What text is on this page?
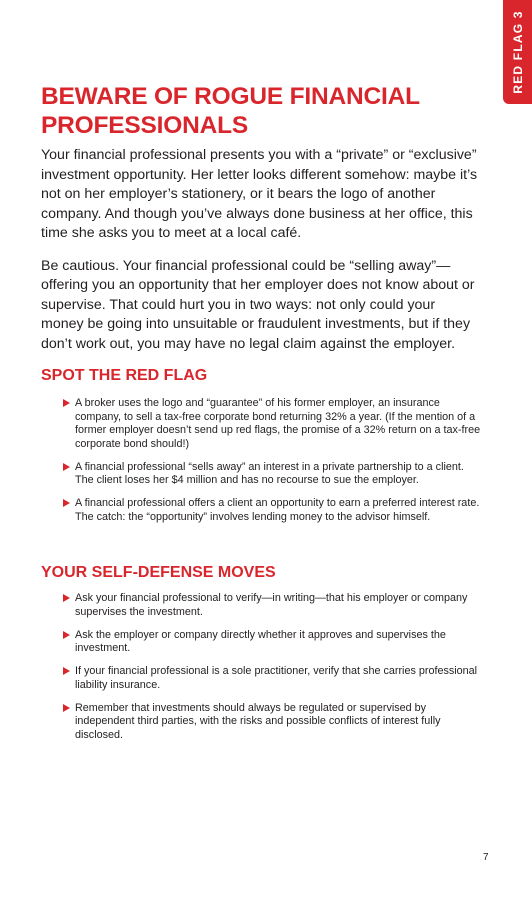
RED FLAG 3
BEWARE OF ROGUE FINANCIAL PROFESSIONALS

Your financial professional presents you with a “private” or “exclusive” investment opportunity. Her letter looks different somehow: maybe it’s not on her employer’s stationery, or it bears the logo of another company. And though you’ve always done business at her office, this time she asks you to meet at a local café.

Be cautious. Your financial professional could be “selling away”—offering you an opportunity that her employer does not know about or supervise. That could hurt you in two ways: not only could your money be going into unsuitable or fraudulent investments, but if they don’t work out, you may have no legal claim against the employer.

SPOT THE RED FLAG
A broker uses the logo and “guarantee” of his former employer, an insurance company, to sell a tax-free corporate bond returning 32% a year. (If the mention of a former employer doesn’t send up red flags, the promise of a 32% return on a tax-free corporate bond should!)
A financial professional “sells away” an interest in a private partnership to a client. The client loses her $4 million and has no recourse to sue the employer.
A financial professional offers a client an opportunity to earn a preferred interest rate. The catch: the “opportunity” involves lending money to the advisor himself.
YOUR SELF-DEFENSE MOVES
Ask your financial professional to verify—in writing—that his employer or company supervises the investment.
Ask the employer or company directly whether it approves and supervises the investment.
If your financial professional is a sole practitioner, verify that she carries professional liability insurance.
Remember that investments should always be regulated or supervised by independent third parties, with the risks and possible conflicts of interest fully disclosed.
7
